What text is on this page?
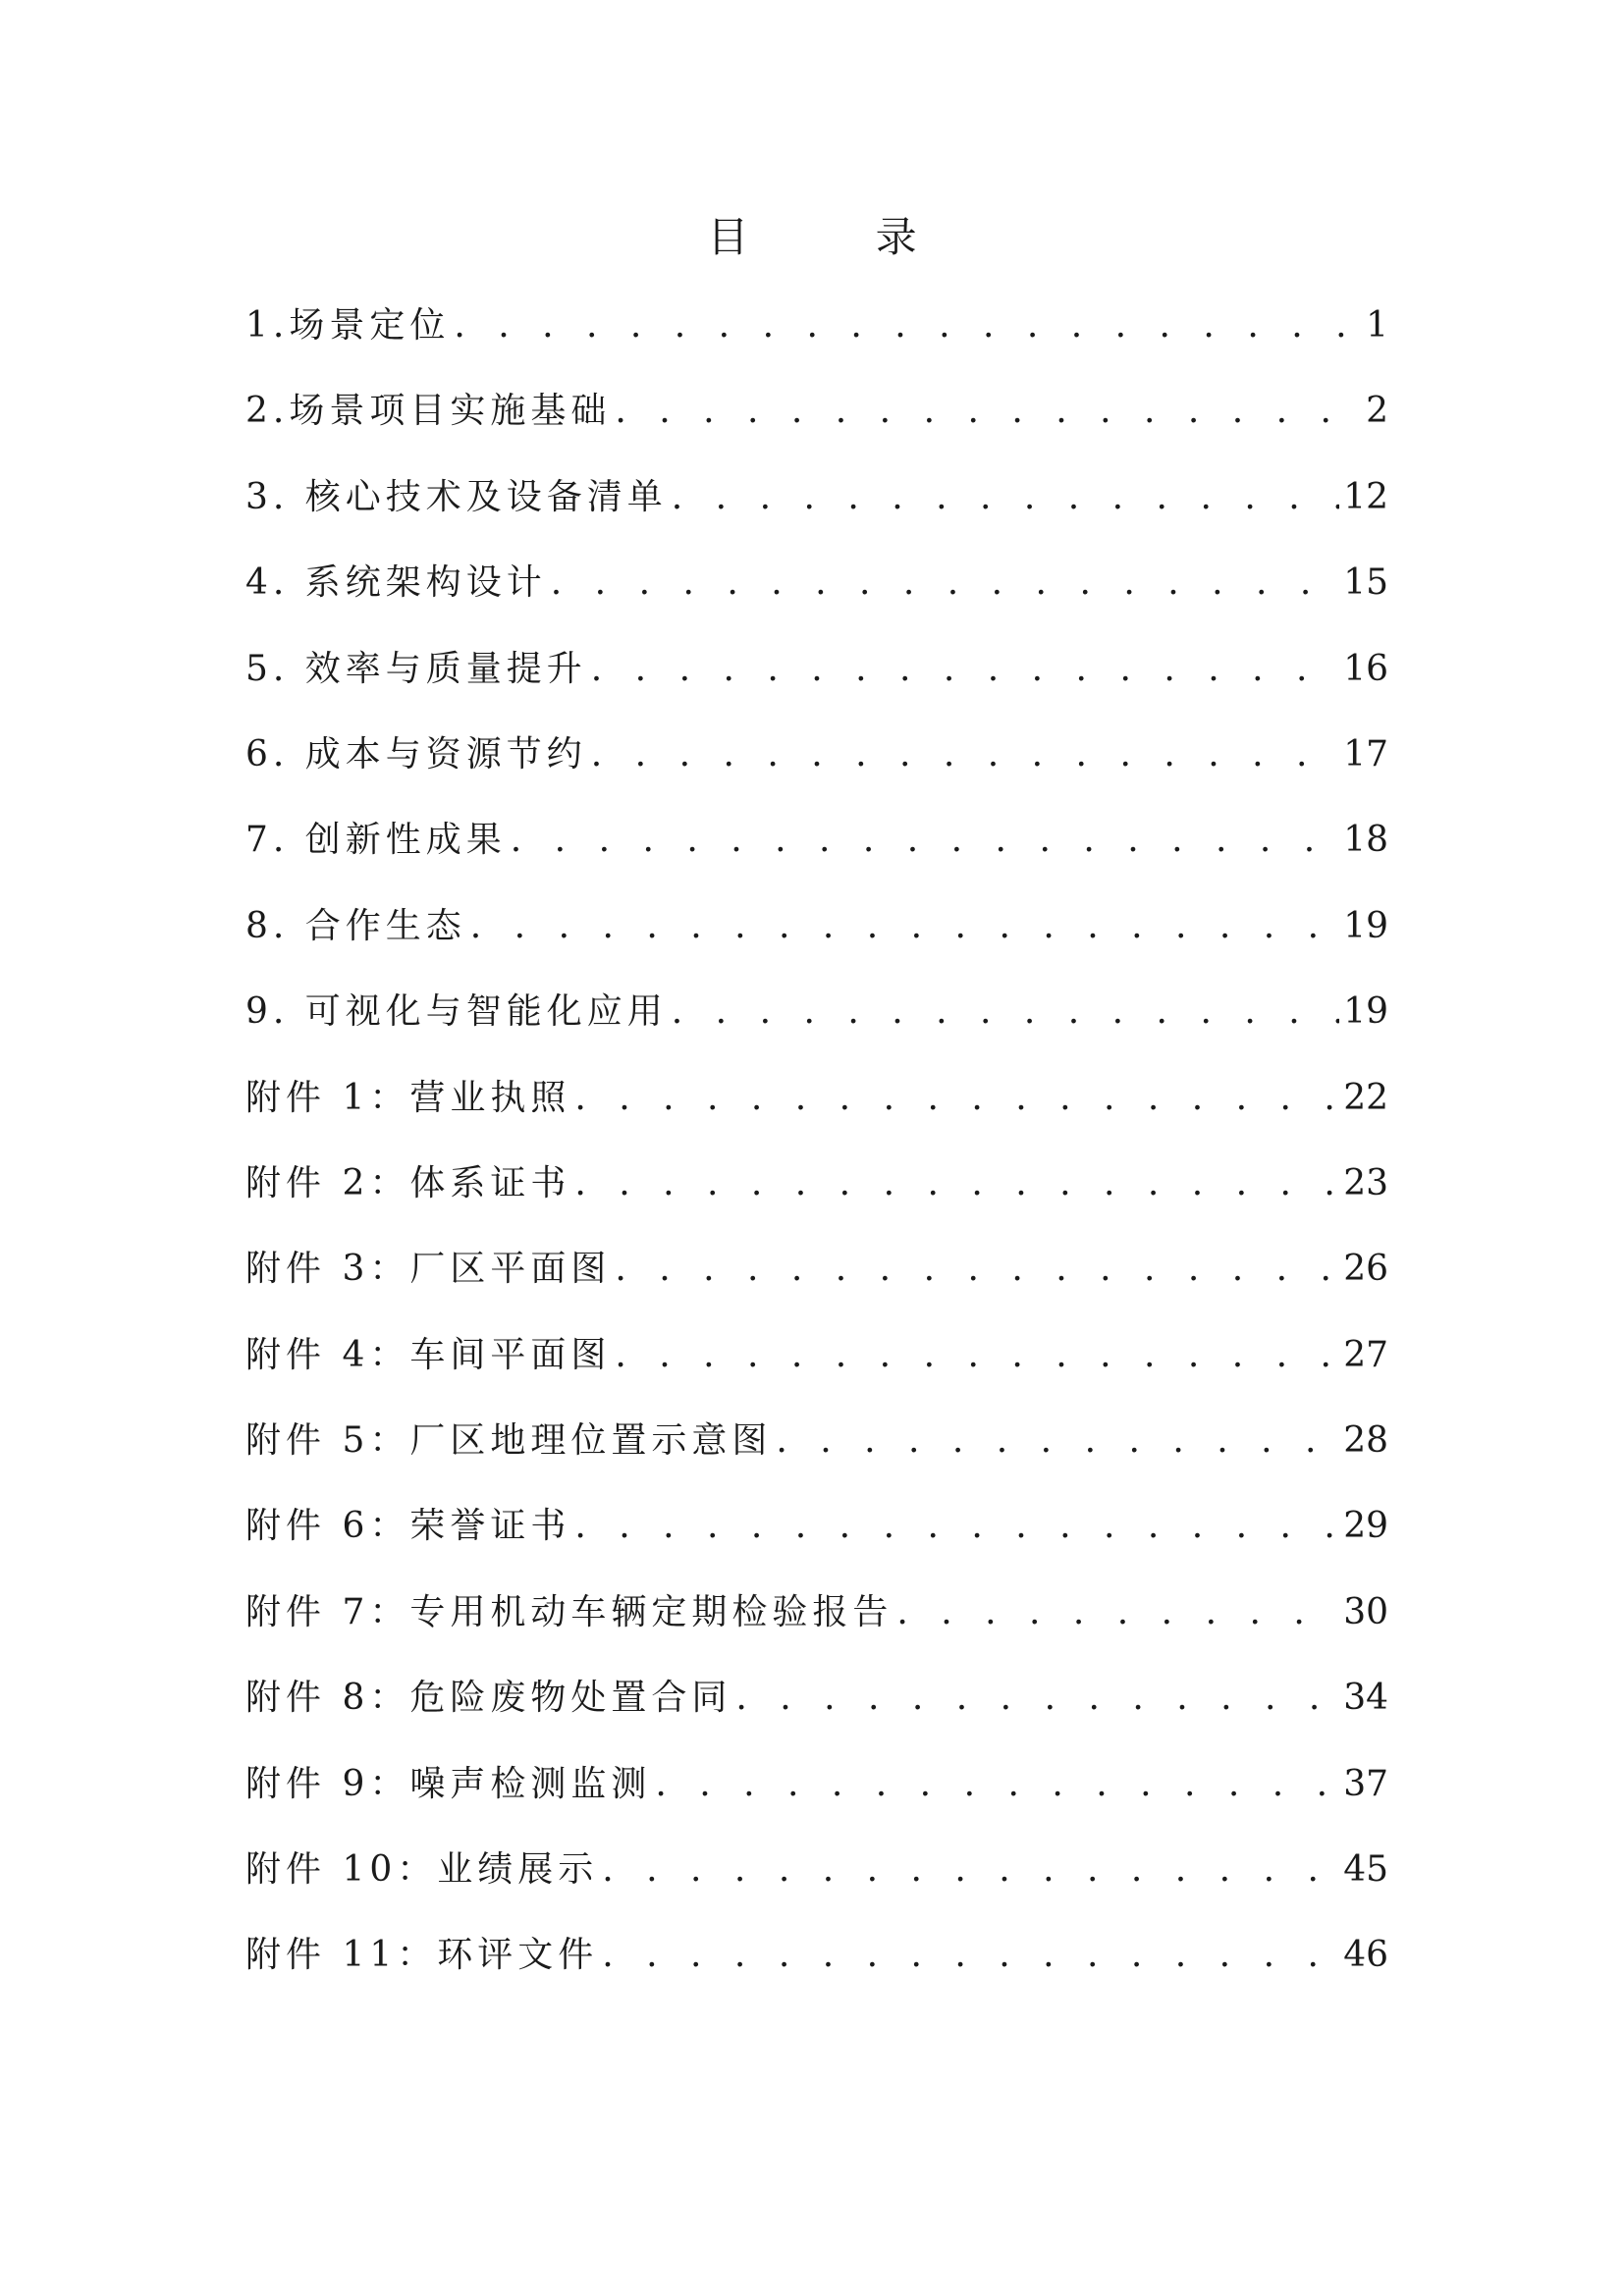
目 录
1.场景定位 . . .	1
2.场景项目实施基础 . . .	2
3. 核心技术及设备清单 . . .	12
4. 系统架构设计 . . .	15
5. 效率与质量提升 . . .	16
6. 成本与资源节约 . . .	17
7. 创新性成果 . . .	18
8. 合作生态 . . .	19
9. 可视化与智能化应用 . . .	19
附件 1：营业执照 . . .	22
附件 2：体系证书 . . .	23
附件 3：厂区平面图 . . .	26
附件 4：车间平面图 . . .	27
附件 5：厂区地理位置示意图 . . .	28
附件 6：荣誉证书 . . .	29
附件 7：专用机动车辆定期检验报告 . . .	30
附件 8：危险废物处置合同 . . .	34
附件 9：噪声检测监测 . . .	37
附件 10：业绩展示 . . .	45
附件 11：环评文件 . . .	46
